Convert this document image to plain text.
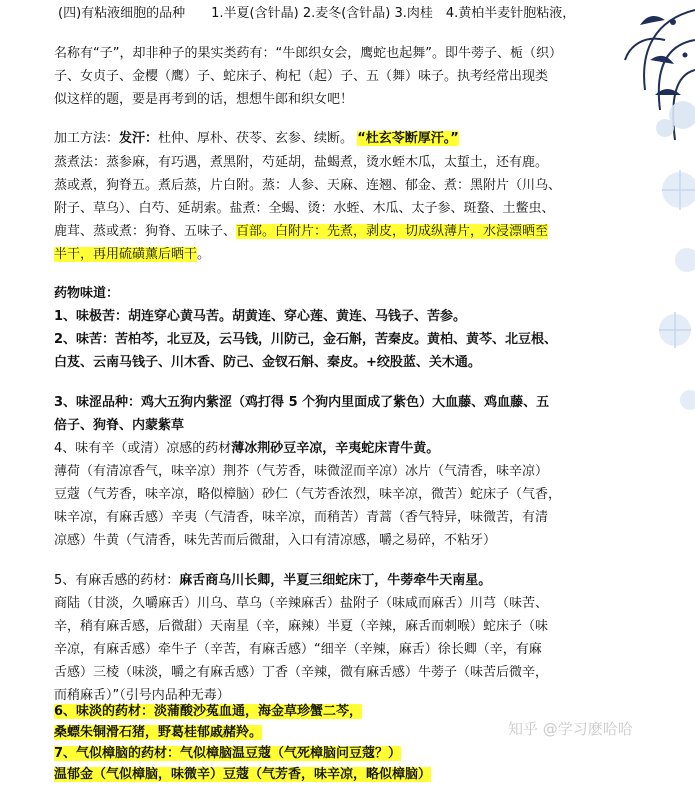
(四)有粘液细胞的品种　　1.半夏(含针晶) 2.麦冬(含针晶) 3.肉桂　4.黄柏半麦针胞粘液，
名称有“子”，却非种子的果实类药有：“牛郎织女会，鹰蛇也起舞”。即牛蒡子、栀（织）
子、女贞子、金樱（鹰）子、蛇床子、枸杞（起）子、五（舞）味子。执考经常出现类
似这样的题，要是再考到的话，想想牛郎和织女吧！
加工方法：发汗：杜仲、厚朴、茯苓、玄参、续断。 “杜玄苓断厚汗。”
蒸煮法：蒸参麻，有巧遇，煮黑附，芍延胡，盐蝎煮，烫水蛭木瓜，太蜇土，还有鹿。
蒸或煮，狗脊五。煮后蒸，片白附。蒸：人参、天麻、连翘、郁金、煮：黑附片（川乌、
附子、草乌）、白芍、延胡索。盐煮：全蝎、烫：水蛭、木瓜、太子参、斑蝥、土鳖虫、
鹿茸、蒸或煮：狗脊、五味子、百部。白附片：先煮，剥皮，切成纵薄片，水浸漂晒至
半干，再用硫磺薰后晒干。
药物味道：
1、味极苦：胡连穿心黄马苦。胡黄连、穿心莲、黄连、马钱子、苦参。
2、味苦：苦柏芩，北豆及，云马钱，川防己，金石斛，苦秦皮。黄柏、黄芩、北豆根、
白芨、云南马钱子、川木香、防己、金钗石斛、秦皮。+绞股蓝、关木通。
3、味涩品种：鸡大五狗内紫涩（鸡打得 5 个狗内里面成了紫色）大血藤、鸡血藤、五
倍子、狗脊、内蒙紫草
4、味有辛（或清）凉感的药材薄冰荆砂豆辛凉，辛夷蛇床青牛黄。
薄荷（有清凉香气，味辛凉）荆芥（气芳香，味微涩而辛凉）冰片（气清香，味辛凉）
豆蔻（气芳香，味辛凉，略似樟脑）砂仁（气芳香浓烈，味辛凉，微苦）蛇床子（气香，
味辛凉，有麻舌感）辛夷（气清香，味辛凉，而稍苦）青蒿（香气特异，味微苦，有清
凉感）牛黄（气清香，味先苦而后微甜，入口有清凉感，嚼之易碎，不粘牙）
5、有麻舌感的药材：麻舌商乌川长卿，半夏三细蛇床丁，牛蒡牵牛天南星。
商陆（甘淡，久嚼麻舌）川乌、草乌（辛辣麻舌）盐附子（味咸而麻舌）川芎（味苦、
辛，稍有麻舌感，后微甜）天南星（辛，麻辣）半夏（辛辣，麻舌而刺喉）蛇床子（味
辛凉，有麻舌感）牵牛子（辛苦，有麻舌感）“细辛（辛辣，麻舌）徐长卿（辛，有麻
舌感）三棱（味淡，嚼之有麻舌感）丁香（辛辣，微有麻舌感）牛蒡子（味苦后微辛，
而稍麻舌）”（引号内品种无毒）
6、味淡的药材：淡蒲酸沙菟血通，海金草珍蟹二芩，
桑螵朱铜滑石猪，野葛桂郁戚赭羚。
7、气似樟脑的药材：气似樟脑温豆蔻（气死樟脑问豆蔻？）
温郁金（气似樟脑，味微辛）豆蔻（气芳香，味辛凉，略似樟脑）
知乎 @学习麽哈哈
